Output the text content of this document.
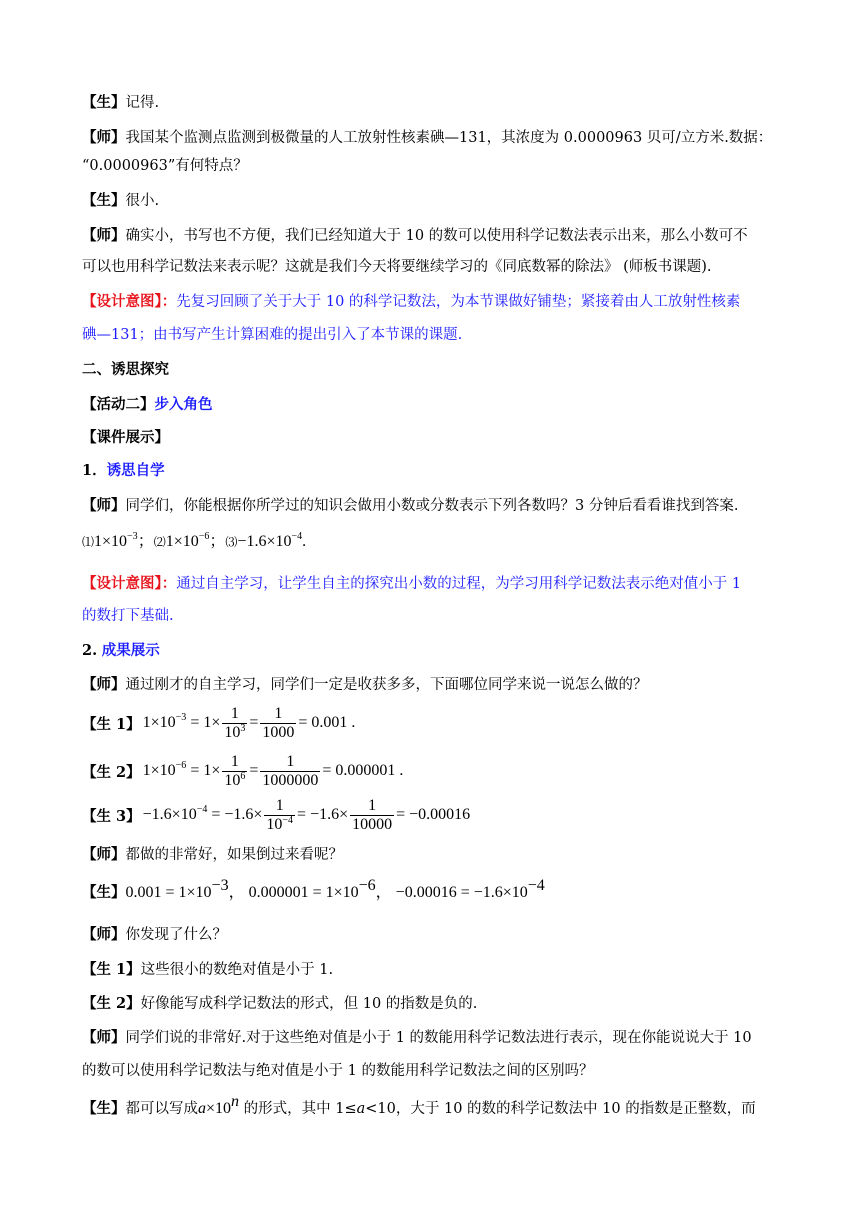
【生】记得.
【师】我国某个监测点监测到极微量的人工放射性核素碘—131，其浓度为 0.0000963 贝可/立方米.数据：
“0.0000963”有何特点？
【生】很小.
【师】确实小，书写也不方便，我们已经知道大于 10 的数可以使用科学记数法表示出来，那么小数可不
可以也用科学记数法来表示呢？这就是我们今天将要继续学习的《同底数幂的除法》 (师板书课题).
【设计意图】：先复习回顾了关于大于 10 的科学记数法，为本节课做好铺垫；紧接着由人工放射性核素
碘—131；由书写产生计算困难的提出引入了本节课的课题.
二、诱思探究
【活动二】步入角色
【课件展示】
1．诱思自学
【师】同学们，你能根据你所学过的知识会做用小数或分数表示下列各数吗？3 分钟后看看谁找到答案.
$⑴1\times 10^{-3}$；$⑵1\times 10^{-6}$；$⑶-1.6\times 10^{-4}$.
【设计意图】：通过自主学习，让学生自主的探究出小数的过程，为学习用科学记数法表示绝对值小于 1
的数打下基础.
2. 成果展示
【师】通过刚才的自主学习，同学们一定是收获多多，下面哪位同学来说一说怎么做的？
【生 1】 $1\times 10^{-3} = 1\times \frac{1}{10^3} = \frac{1}{1000} = 0.001$ .
【生 2】 $1\times 10^{-6} = 1\times \frac{1}{10^6} = \frac{1}{1000000} = 0.000001$ .
【生 3】 $-1.6\times 10^{-4} = -1.6\times \frac{1}{10^{-4}} = -1.6\times \frac{1}{10000} = -0.00016$
【师】都做的非常好，如果倒过来看呢？
【生】$0.001 = 1\times 10^{-3}$， $0.000001 = 1\times 10^{-6}$， $-0.00016 = -1.6\times 10^{-4}$
【师】你发现了什么？
【生 1】这些很小的数绝对值是小于 1.
【生 2】好像能写成科学记数法的形式，但 10 的指数是负的.
【师】同学们说的非常好.对于这些绝对值是小于 1 的数能用科学记数法进行表示，现在你能说说大于 10
的数可以使用科学记数法与绝对值是小于 1 的数能用科学记数法之间的区别吗？
【生】都可以写成$a\times 10^n$ 的形式，其中 1≤a<10，大于 10 的数的科学记数法中 10 的指数是正整数，而
